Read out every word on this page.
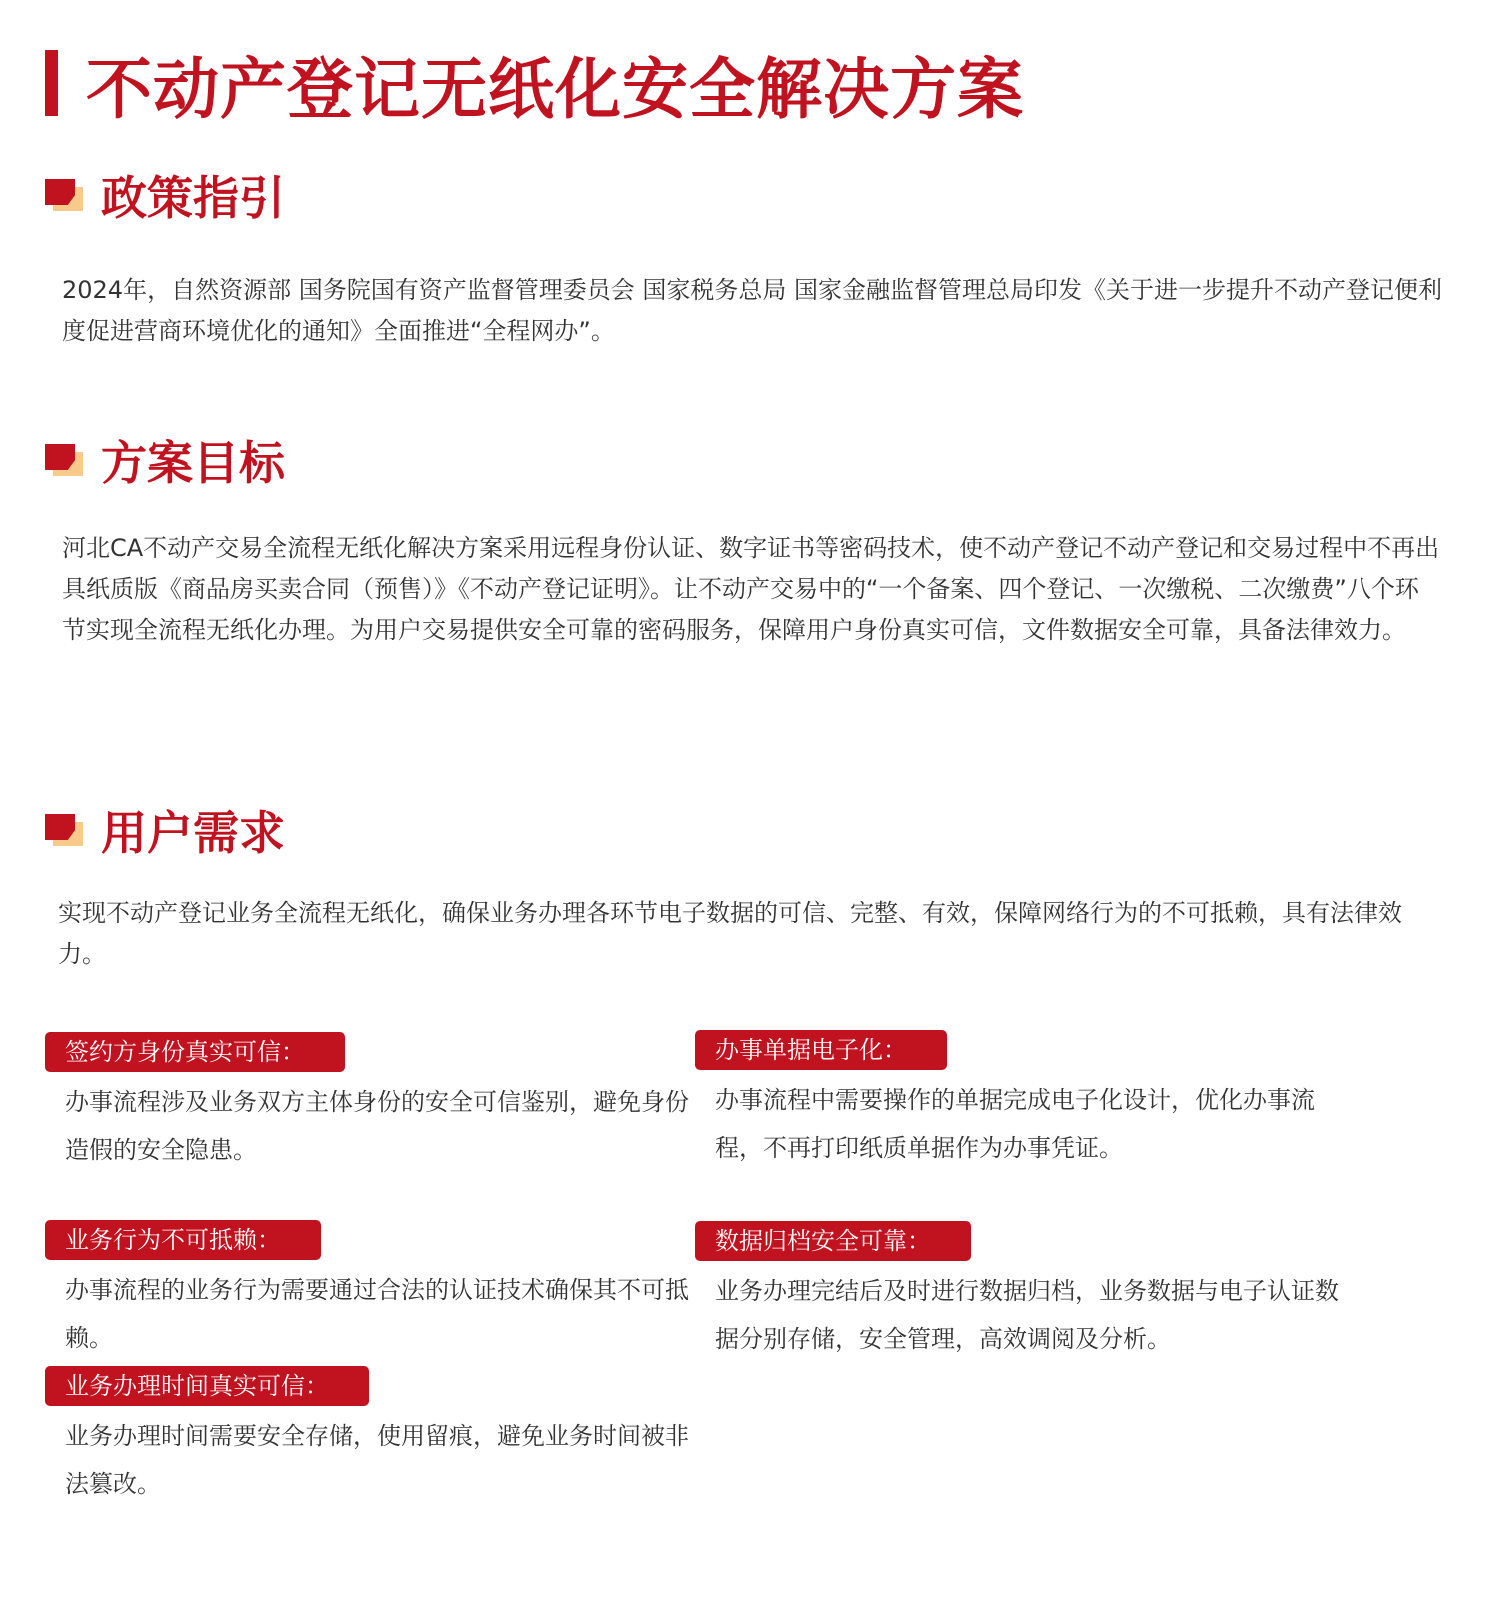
不动产登记无纸化安全解决方案
政策指引

2024年，自然资源部 国务院国有资产监督管理委员会 国家税务总局 国家金融监督管理总局印发《关于进一步提升不动产登记便利度促进营商环境优化的通知》全面推进“全程网办”。

方案目标

河北CA不动产交易全流程无纸化解决方案采用远程身份认证、数字证书等密码技术，使不动产登记不动产登记和交易过程中不再出具纸质版《商品房买卖合同（预售）》《不动产登记证明》。让不动产交易中的“一个备案、四个登记、一次缴税、二次缴费”八个环节实现全流程无纸化办理。为用户交易提供安全可靠的密码服务，保障用户身份真实可信，文件数据安全可靠，具备法律效力。

用户需求

实现不动产登记业务全流程无纸化，确保业务办理各环节电子数据的可信、完整、有效，保障网络行为的不可抵赖，具有法律效力。

签约方身份真实可信：
办事流程涉及业务双方主体身份的安全可信鉴别，避免身份造假的安全隐患。
办事单据电子化：
办事流程中需要操作的单据完成电子化设计，优化办事流程，不再打印纸质单据作为办事凭证。
业务行为不可抵赖：
办事流程的业务行为需要通过合法的认证技术确保其不可抵赖。
数据归档安全可靠：
业务办理完结后及时进行数据归档，业务数据与电子认证数据分别存储，安全管理，高效调阅及分析。
业务办理时间真实可信：
业务办理时间需要安全存储，使用留痕，避免业务时间被非法篡改。
